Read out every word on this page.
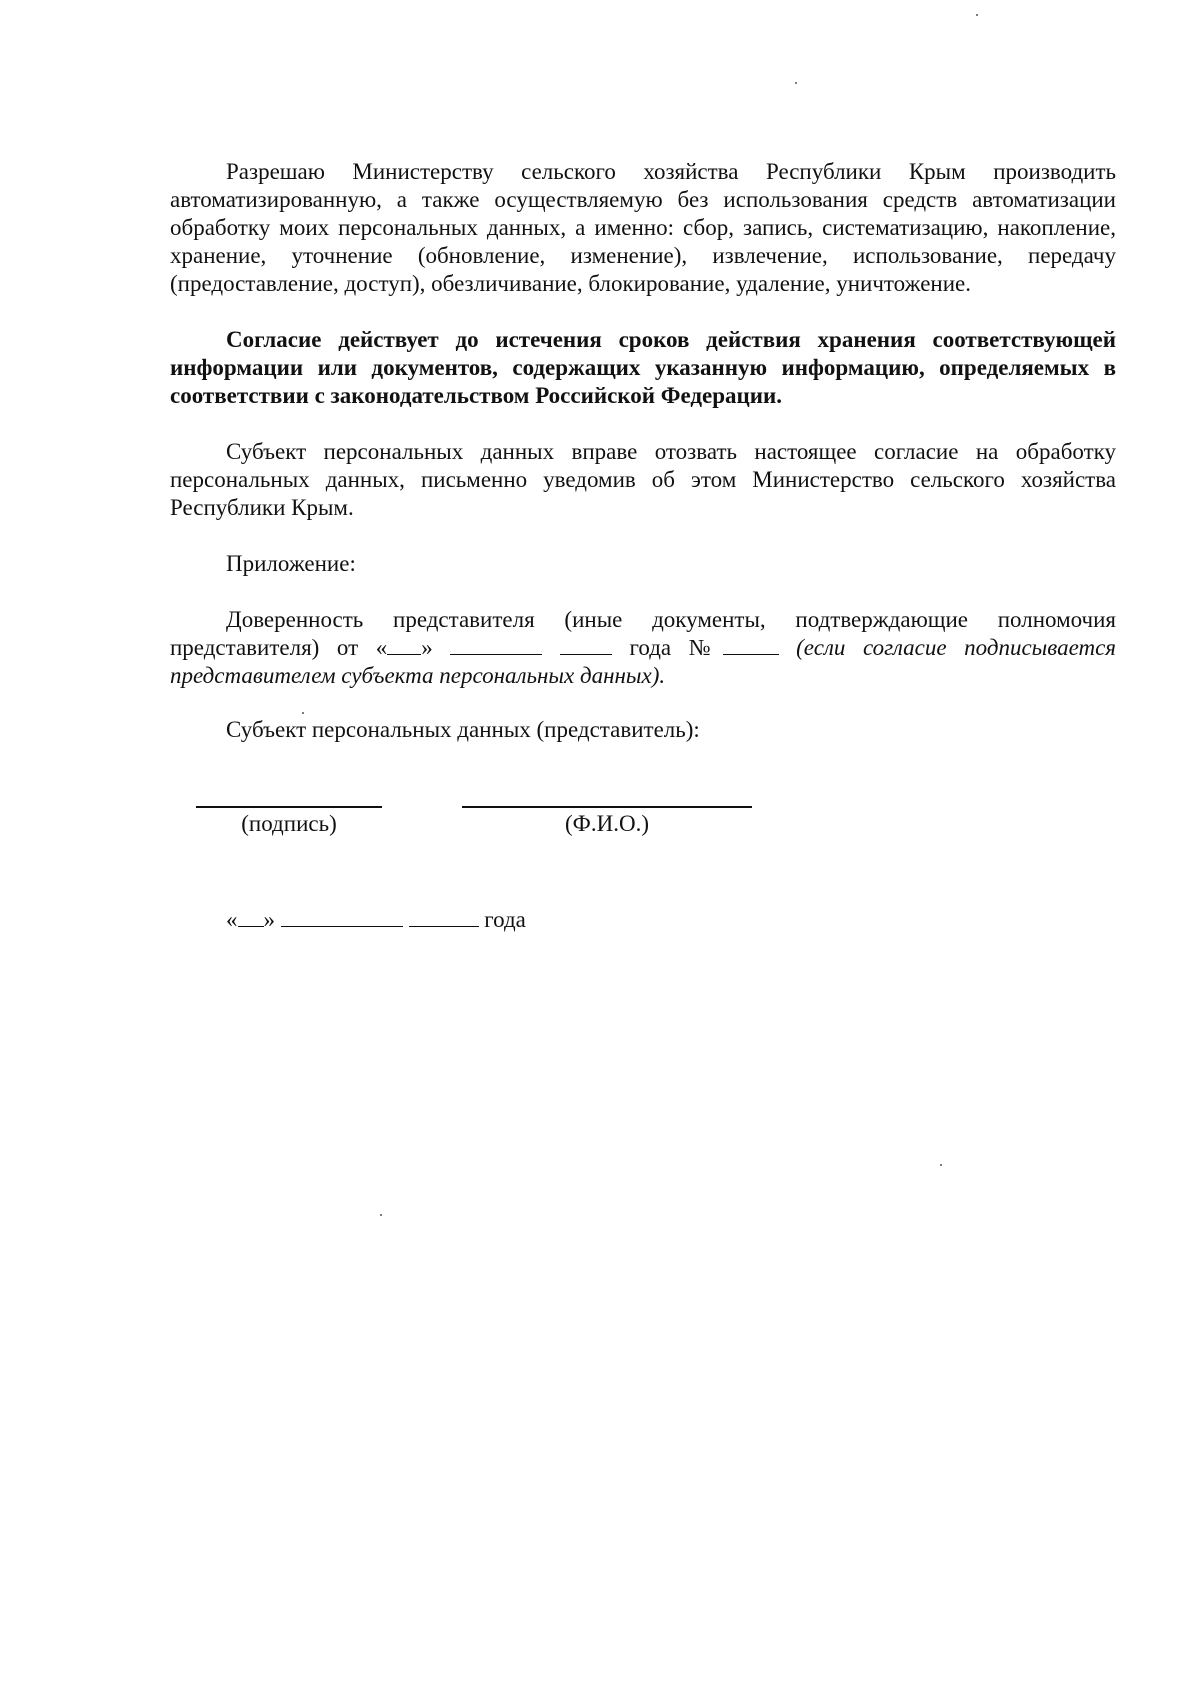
Разрешаю Министерству сельского хозяйства Республики Крым производить автоматизированную, а также осуществляемую без использования средств автоматизации обработку моих персональных данных, а именно: сбор, запись, систематизацию, накопление, хранение, уточнение (обновление, изменение), извлечение, использование, передачу (предоставление, доступ), обезличивание, блокирование, удаление, уничтожение.

Согласие действует до истечения сроков действия хранения соответствующей информации или документов, содержащих указанную информацию, определяемых в соответствии с законодательством Российской Федерации.

Субъект персональных данных вправе отозвать настоящее согласие на обработку персональных данных, письменно уведомив об этом Министерство сельского хозяйства Республики Крым.

Приложение:

Доверенность представителя (иные документы, подтверждающие полномочия представителя) от « »	года №	(если согласие подписывается представителем субъекта персональных данных).

Субъект персональных данных (представитель):

(подпись)	(Ф.И.О.)
« »	года
